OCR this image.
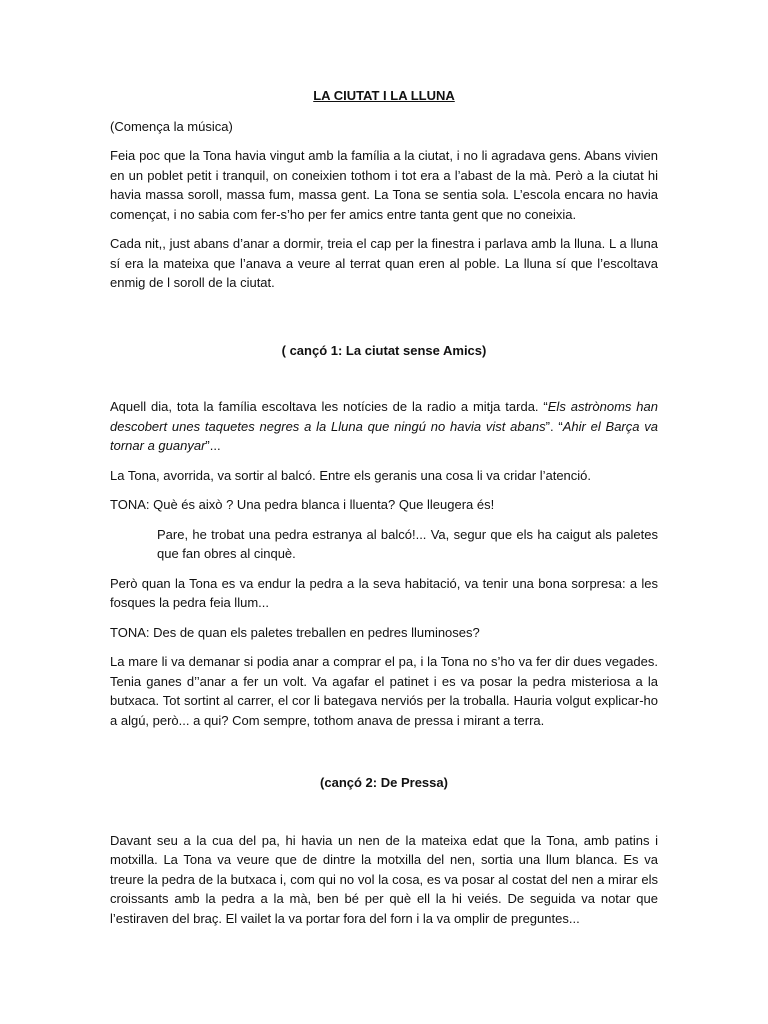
LA CIUTAT I LA LLUNA

(Comença la música)

Feia poc que la Tona havia vingut amb la família a la ciutat, i no li agradava gens. Abans vivien en un poblet petit i tranquil, on coneixien tothom i tot era a l’abast de la mà. Però a la ciutat hi havia massa soroll, massa fum, massa gent. La Tona se sentia sola. L’escola encara no havia començat, i no sabia com fer-s’ho per fer amics entre tanta gent que no coneixia.

Cada nit,, just abans d’anar a dormir, treia el cap per la finestra i parlava amb la lluna. L a lluna sí era la mateixa que l’anava a veure al terrat quan eren al poble. La lluna sí que l’escoltava enmig de l soroll de la ciutat.

( cançó 1: La ciutat sense Amics)

Aquell dia, tota la família escoltava les notícies de la radio a mitja tarda. “Els astrònoms han descobert unes taquetes negres a la Lluna que ningú no havia vist abans”. “Ahir el Barça va tornar a guanyar”...

La Tona, avorrida, va sortir al balcó. Entre els geranis una cosa li va cridar l’atenció.

TONA: Què és això ? Una pedra blanca i lluenta? Que lleugera és!

Pare, he trobat una pedra estranya al balcó!... Va, segur que els ha caigut als paletes que fan obres al cinquè.

Però quan la Tona es va endur la pedra a la seva habitació, va tenir una bona sorpresa: a les fosques la pedra feia llum...

TONA: Des de quan els paletes treballen en pedres lluminoses?

La mare li va demanar si podia anar a comprar el pa, i la Tona no s’ho va fer dir dues vegades. Tenia ganes d’’anar a fer un volt. Va agafar el patinet i es va posar la pedra misteriosa a la butxaca. Tot sortint al carrer, el cor li bategava nerviós per la troballa. Hauria volgut explicar-ho a algú, però... a qui? Com sempre, tothom anava de pressa i mirant a terra.

(cançó 2: De Pressa)

Davant seu a la cua del pa, hi havia un nen de la mateixa edat que la Tona, amb patins i motxilla. La Tona va veure que de dintre la motxilla del nen, sortia una llum blanca. Es va treure la pedra de la butxaca i, com qui no vol la cosa, es va posar al costat del nen a mirar els croissants amb la pedra a la mà, ben bé per què ell la hi veiés. De seguida va notar que l’estiraven del braç. El vailet la va portar fora del forn i la va omplir de preguntes...
